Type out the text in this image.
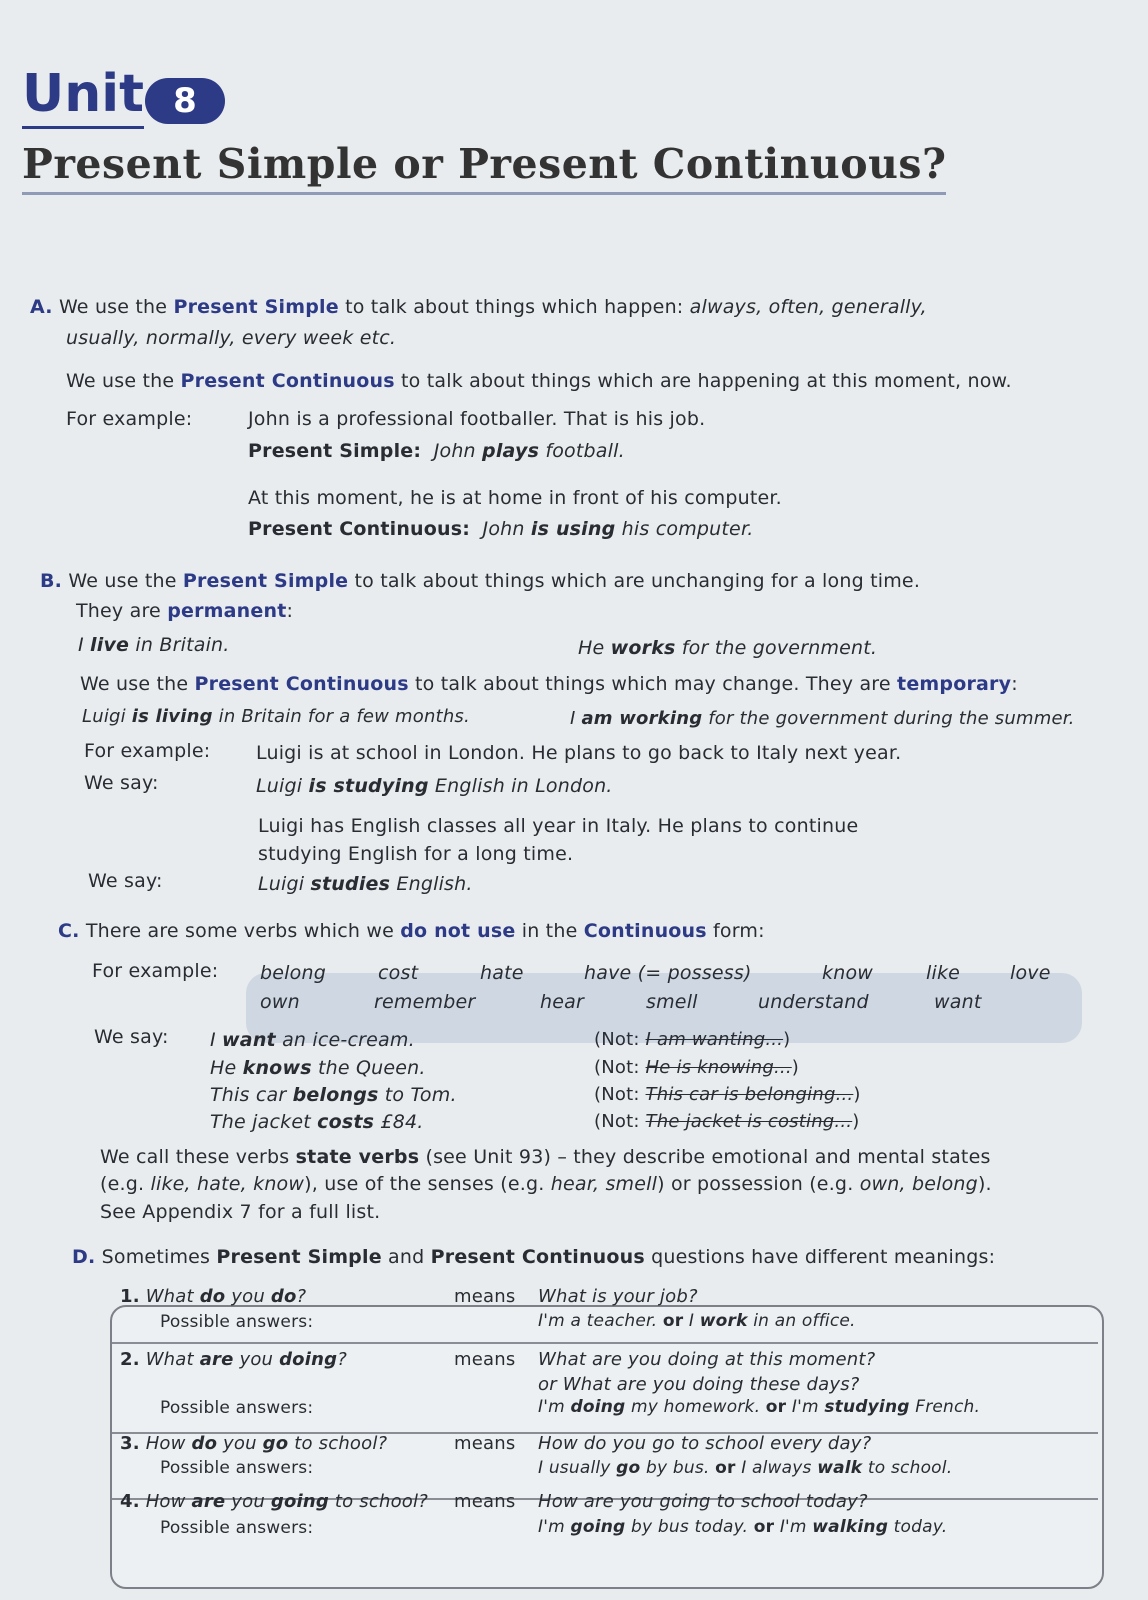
Unit 8
Present Simple or Present Continuous?
A. We use the Present Simple to talk about things which happen: always, often, generally,
usually, normally, every week etc.
We use the Present Continuous to talk about things which are happening at this moment, now.
For example:	John is a professional footballer. That is his job.
Present Simple: John plays football.
At this moment, he is at home in front of his computer.
Present Continuous: John is using his computer.
B. We use the Present Simple to talk about things which are unchanging for a long time.
They are permanent:
I live in Britain.	He works for the government.
We use the Present Continuous to talk about things which may change. They are temporary:
Luigi is living in Britain for a few months.	I am working for the government during the summer.
For example: Luigi is at school in London. He plans to go back to Italy next year.
We say:	Luigi is studying English in London.
Luigi has English classes all year in Italy. He plans to continue
studying English for a long time.
We say:	Luigi studies English.
C. There are some verbs which we do not use in the Continuous form:
For example: belong	cost	hate	have (= possess)	know	like	love
own	remember	hear	smell	understand	want
We say: I want an ice-cream.	(Not: I am wanting...)
He knows the Queen.	(Not: He is knowing...)
This car belongs to Tom.	(Not: This car is belonging...)
The jacket costs £84.	(Not: The jacket is costing...)
We call these verbs state verbs (see Unit 93) – they describe emotional and mental states
(e.g. like, hate, know), use of the senses (e.g. hear, smell) or possession (e.g. own, belong).
See Appendix 7 for a full list.
D. Sometimes Present Simple and Present Continuous questions have different meanings:
1. What do you do?	means What is your job?
Possible answers:	I'm a teacher. or I work in an office.
2. What are you doing?	means What are you doing at this moment?
or What are you doing these days?
Possible answers:	I'm doing my homework. or I'm studying French.
3. How do you go to school?	means How do you go to school every day?
Possible answers:	I usually go by bus. or I always walk to school.
4. How are you going to school? means How are you going to school today?
Possible answers:	I'm going by bus today. or I'm walking today.
